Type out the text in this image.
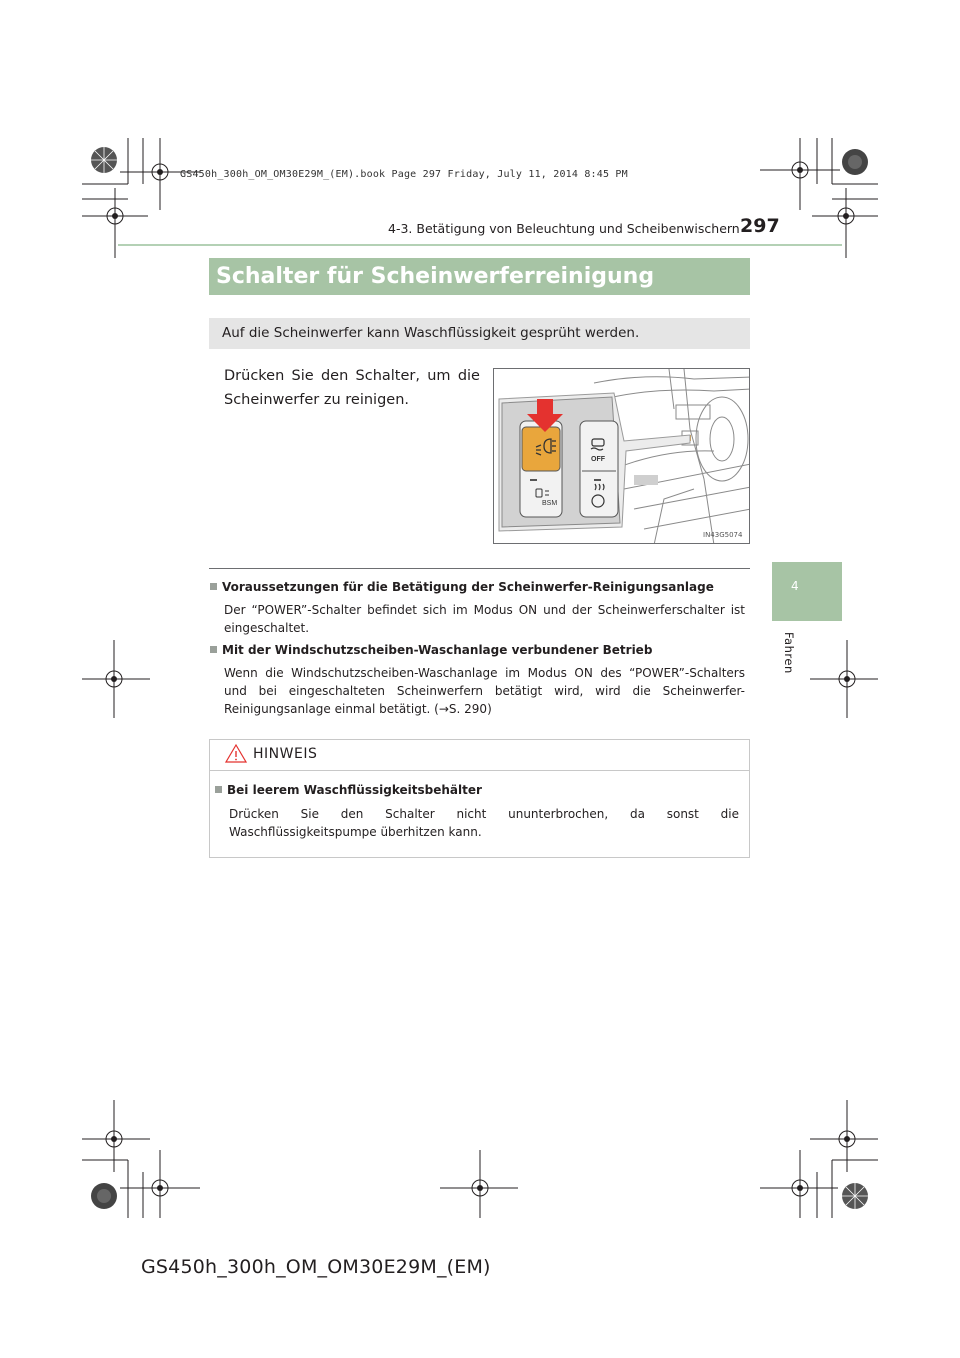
GS450h_300h_OM_OM30E29M_(EM).book Page 297 Friday, July 11, 2014 8:45 PM
4-3. Betätigung von Beleuchtung und Scheibenwischern 297
Schalter für Scheinwerferreinigung
Auf die Scheinwerfer kann Waschflüssigkeit gesprüht werden.
Drücken Sie den Schalter, um die
Scheinwerfer zu reinigen.
OFF
BSM
IN43G5074
Voraussetzungen für die Betätigung der Scheinwerfer-Reinigungsanlage
Der “POWER”-Schalter befindet sich im Modus ON und der Scheinwerferschalter ist eingeschaltet.
Mit der Windschutzscheiben-Waschanlage verbundener Betrieb
Wenn die Windschutzscheiben-Waschanlage im Modus ON des “POWER”-Schalters und bei eingeschalteten Scheinwerfern betätigt wird, wird die Scheinwerfer-Reinigungsanlage einmal betätigt. (→S. 290)
HINWEIS
Bei leerem Waschflüssigkeitsbehälter
Drücken Sie den Schalter nicht ununterbrochen, da sonst die Waschflüssigkeitspumpe überhitzen kann.
4
Fahren
GS450h_300h_OM_OM30E29M_(EM)
